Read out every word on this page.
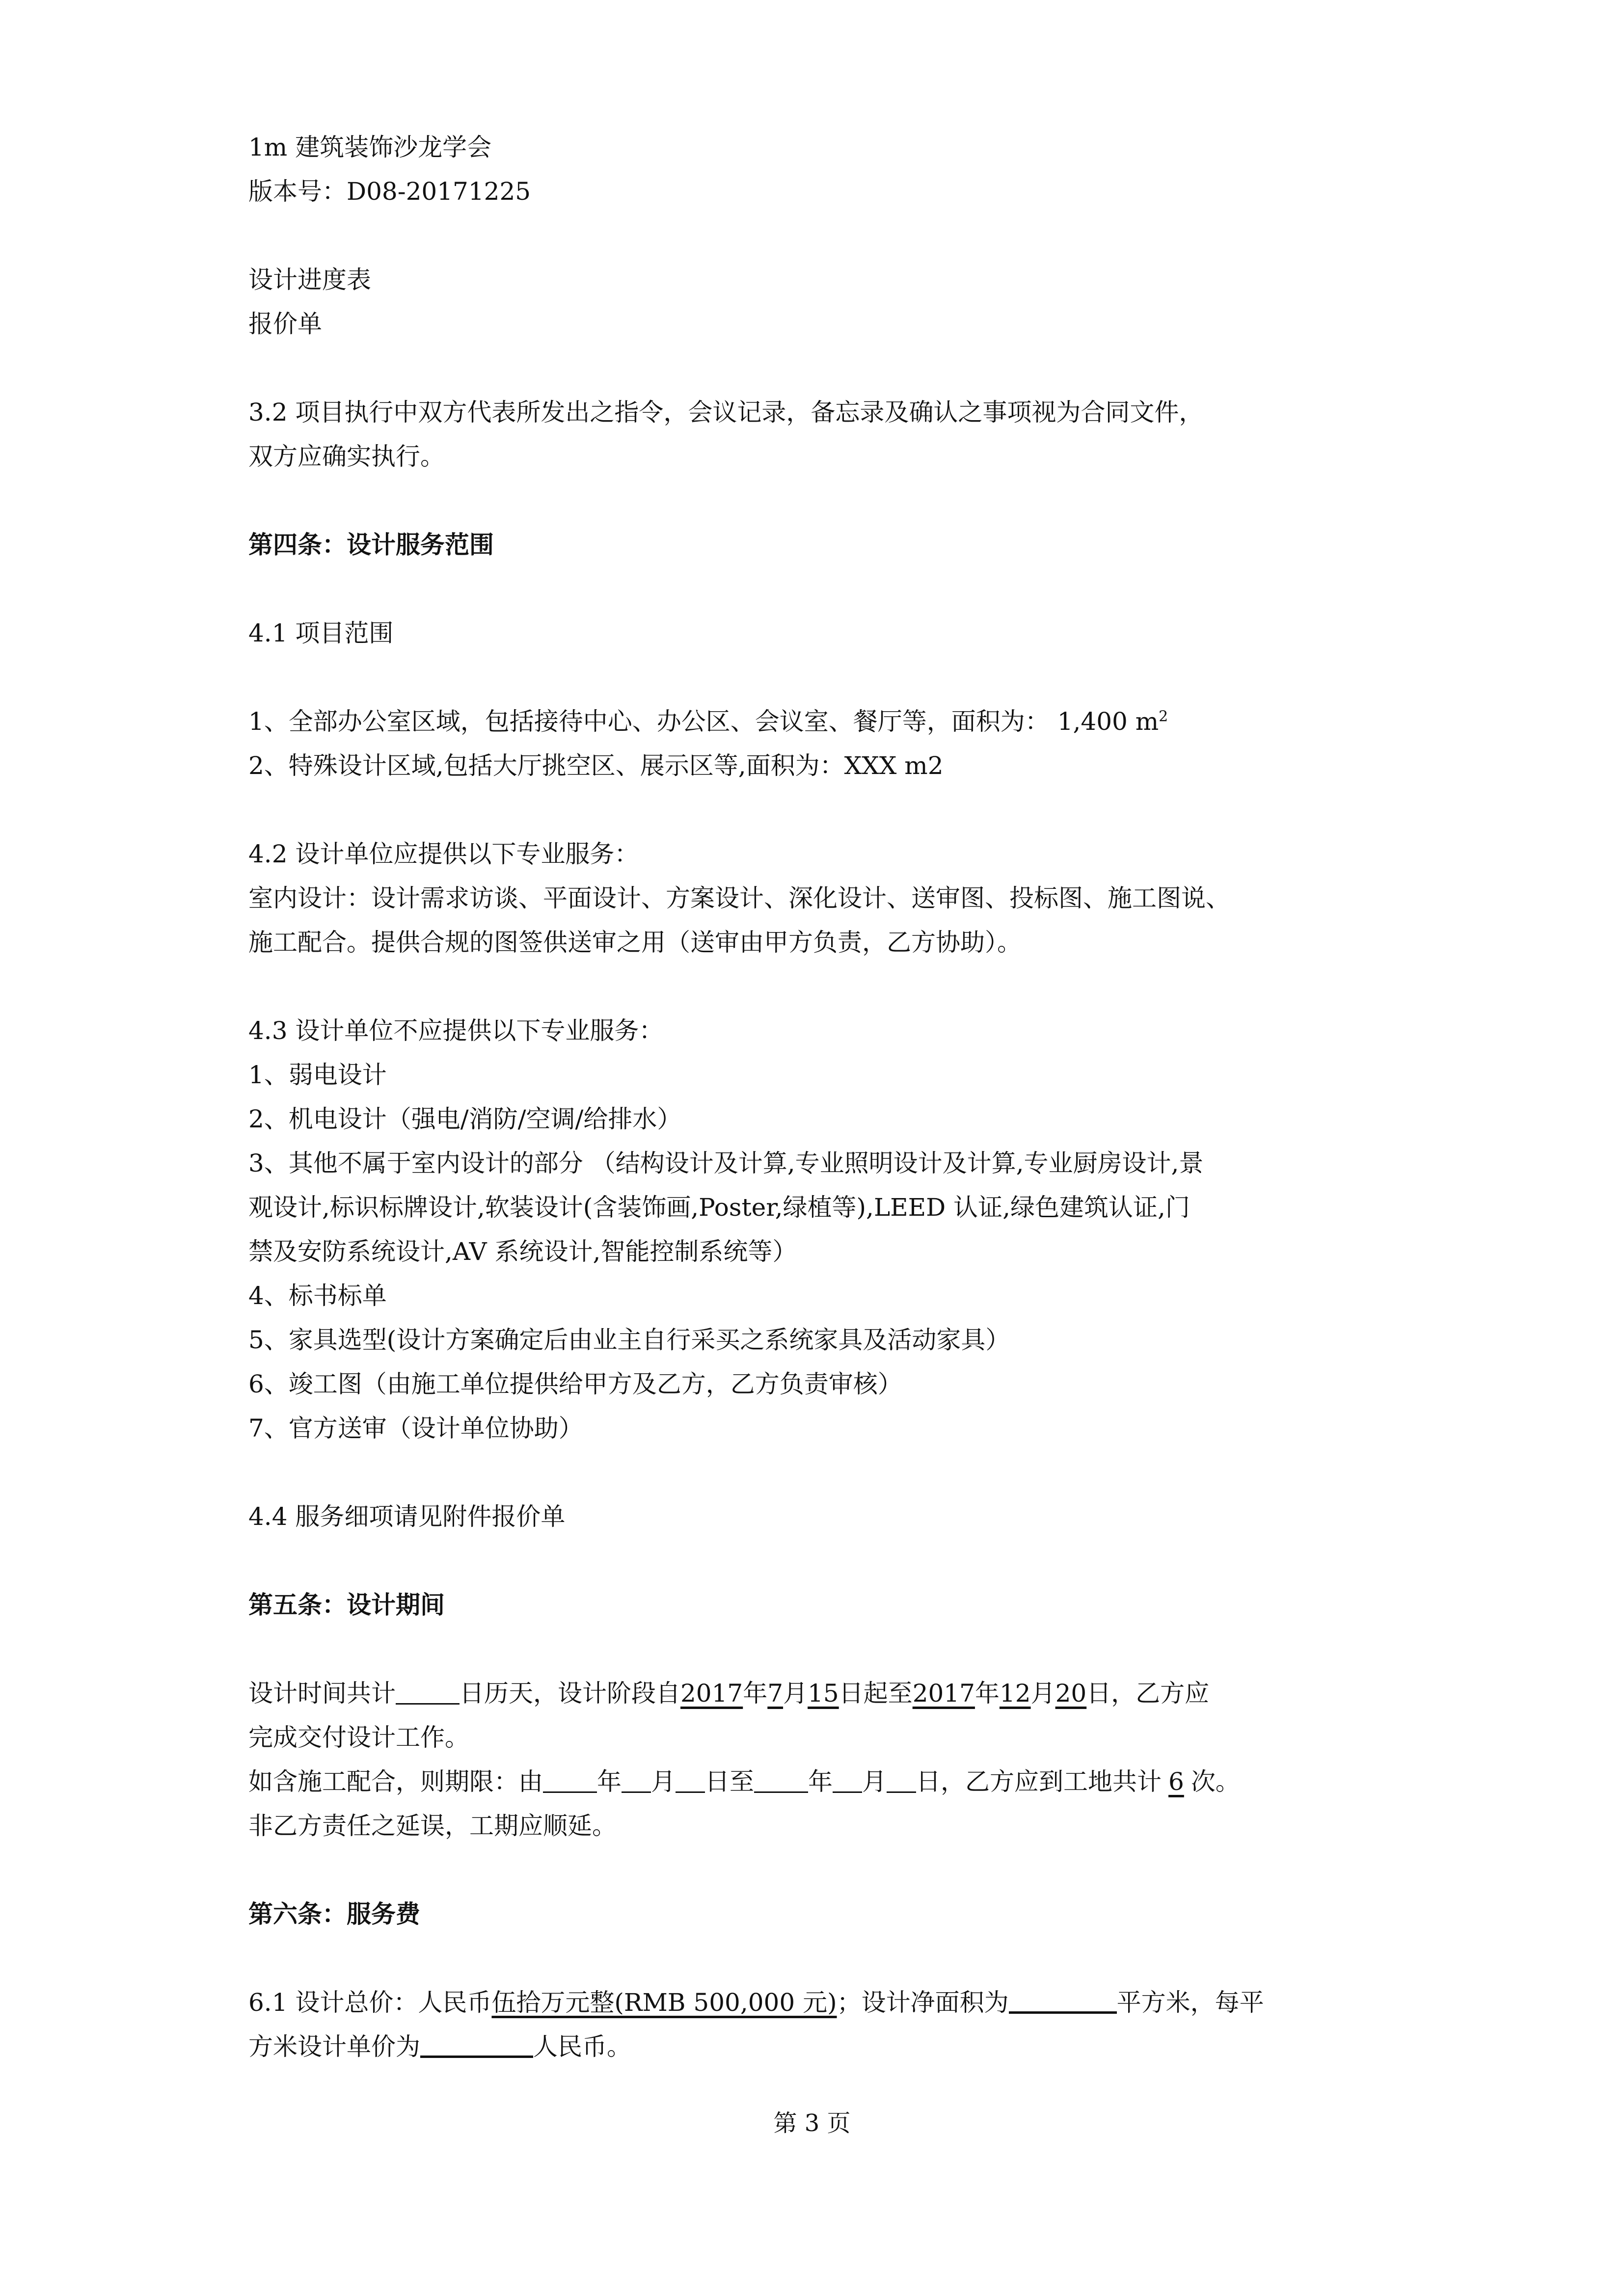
1m 建筑装饰沙龙学会
版本号：D08-20171225
设计进度表
报价单
3.2 项目执行中双方代表所发出之指令，会议记录，备忘录及确认之事项视为合同文件，
双方应确实执行。
第四条：设计服务范围
4.1 项目范围
1、全部办公室区域，包括接待中心、办公区、会议室、餐厅等，面积为： 1,400 $m^2$
2、特殊设计区域,包括大厅挑空区、展示区等,面积为：XXX m2
4.2 设计单位应提供以下专业服务：
室内设计：设计需求访谈、平面设计、方案设计、深化设计、送审图、投标图、施工图说、
施工配合。提供合规的图签供送审之用（送审由甲方负责，乙方协助）。
4.3 设计单位不应提供以下专业服务：
1、弱电设计
2、机电设计（强电/消防/空调/给排水）
3、其他不属于室内设计的部分 （结构设计及计算,专业照明设计及计算,专业厨房设计,景
观设计,标识标牌设计,软装设计(含装饰画,Poster,绿植等),LEED 认证,绿色建筑认证,门
禁及安防系统设计,AV 系统设计,智能控制系统等）
4、标书标单
5、家具选型(设计方案确定后由业主自行采买之系统家具及活动家具）
6、竣工图（由施工单位提供给甲方及乙方，乙方负责审核）
7、官方送审（设计单位协助）
4.4 服务细项请见附件报价单
第五条：设计期间
设计时间共计	日历天，设计阶段自2017年7月15日起至2017年12月20日，乙方应
完成交付设计工作。
如含施工配合，则期限：由 年 月 日至 年 月 日，乙方应到工地共计 6 次。
非乙方责任之延误，工期应顺延。
第六条：服务费
6.1 设计总价：人民币伍拾万元整(RMB 500,000 元)；设计净面积为	平方米，每平
方米设计单价为	人民币。
第 3 页
